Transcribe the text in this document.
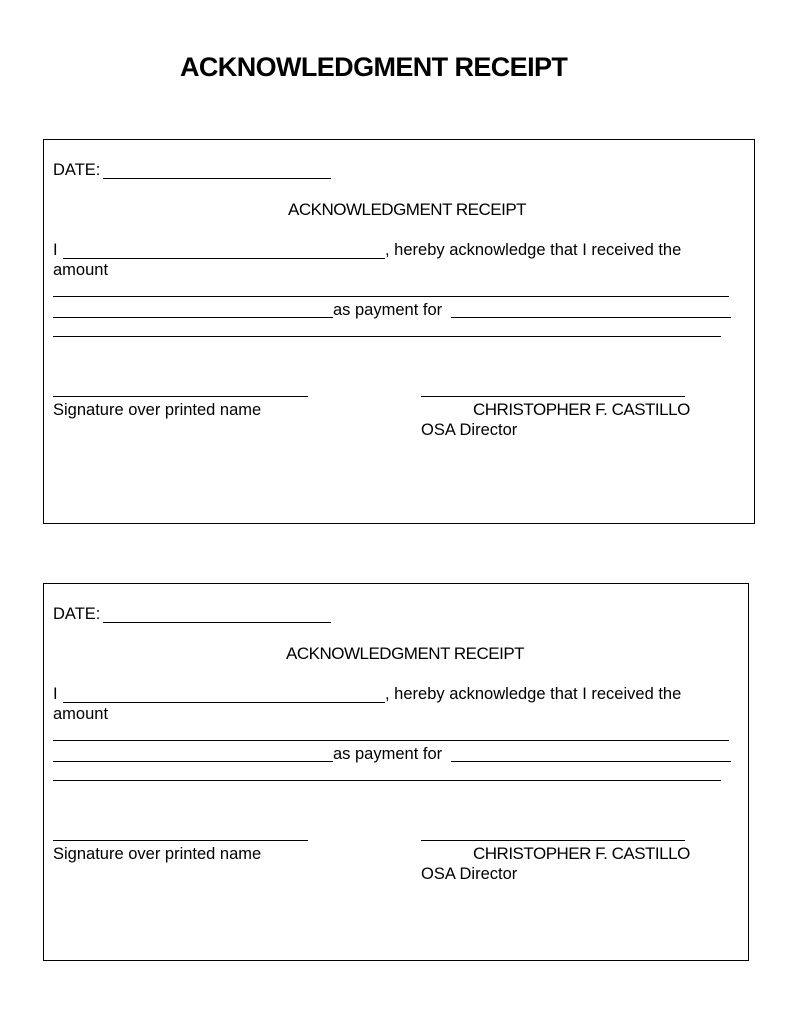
ACKNOWLEDGMENT RECEIPT
DATE:
ACKNOWLEDGMENT RECEIPT
I	, hereby acknowledge that I received the
amount
as payment for
Signature over printed name	CHRISTOPHER F. CASTILLO
OSA Director
DATE:
ACKNOWLEDGMENT RECEIPT
I	, hereby acknowledge that I received the
amount
as payment for
Signature over printed name	CHRISTOPHER F. CASTILLO
OSA Director
